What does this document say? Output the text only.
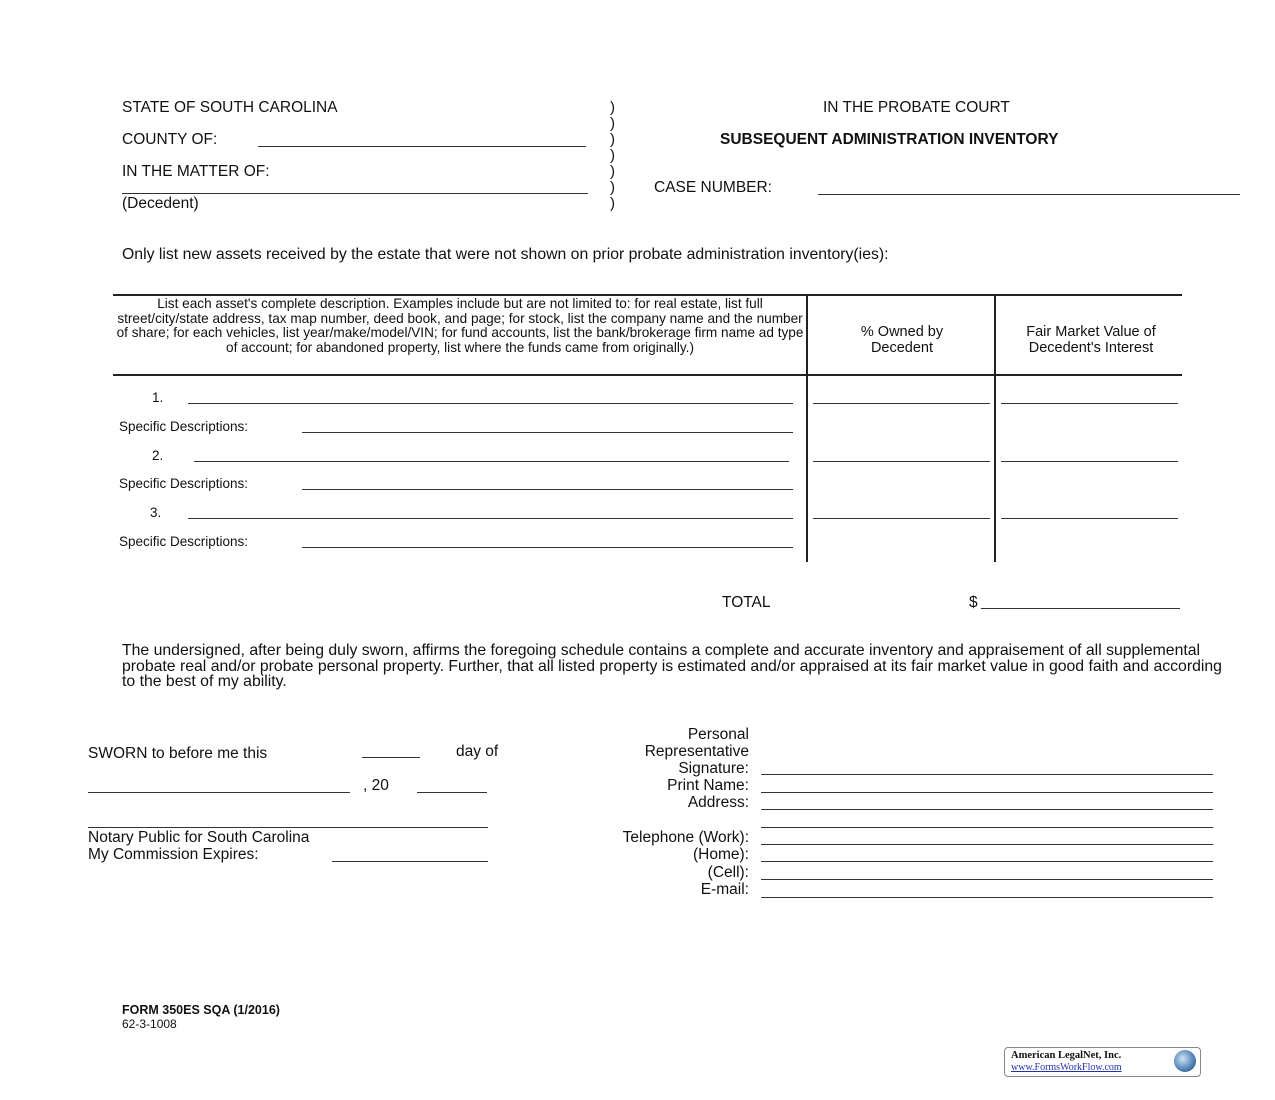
STATE OF SOUTH CAROLINA
COUNTY OF:
IN THE MATTER OF:
(Decedent)
)
)
)
)
)
)
)
IN THE PROBATE COURT
SUBSEQUENT ADMINISTRATION INVENTORY
CASE NUMBER:
Only list new assets received by the estate that were not shown on prior probate administration inventory(ies):
List each asset's complete description. Examples include but are not limited to: for real estate, list full street/city/state address, tax map number, deed book, and page; for stock, list the company name and the number of share; for each vehicles, list year/make/model/VIN; for fund accounts, list the bank/brokerage firm name ad type of account; for abandoned property, list where the funds came from originally.)
% Owned by Decedent
Fair Market Value of Decedent's Interest
1.
Specific Descriptions:
2.
Specific Descriptions:
3.
Specific Descriptions:
TOTAL	$
The undersigned, after being duly sworn, affirms the foregoing schedule contains a complete and accurate inventory and appraisement of all supplemental probate real and/or probate personal property. Further, that all listed property is estimated and/or appraised at its fair market value in good faith and according to the best of my ability.
SWORN to before me this	day of
, 20
Notary Public for South Carolina
My Commission Expires:
Personal
Representative
Signature:
Print Name:
Address:
Telephone (Work):
(Home):
(Cell):
E-mail:
FORM 350ES SQA (1/2016)
62-3-1008
American LegalNet, Inc.
www.FormsWorkFlow.com
